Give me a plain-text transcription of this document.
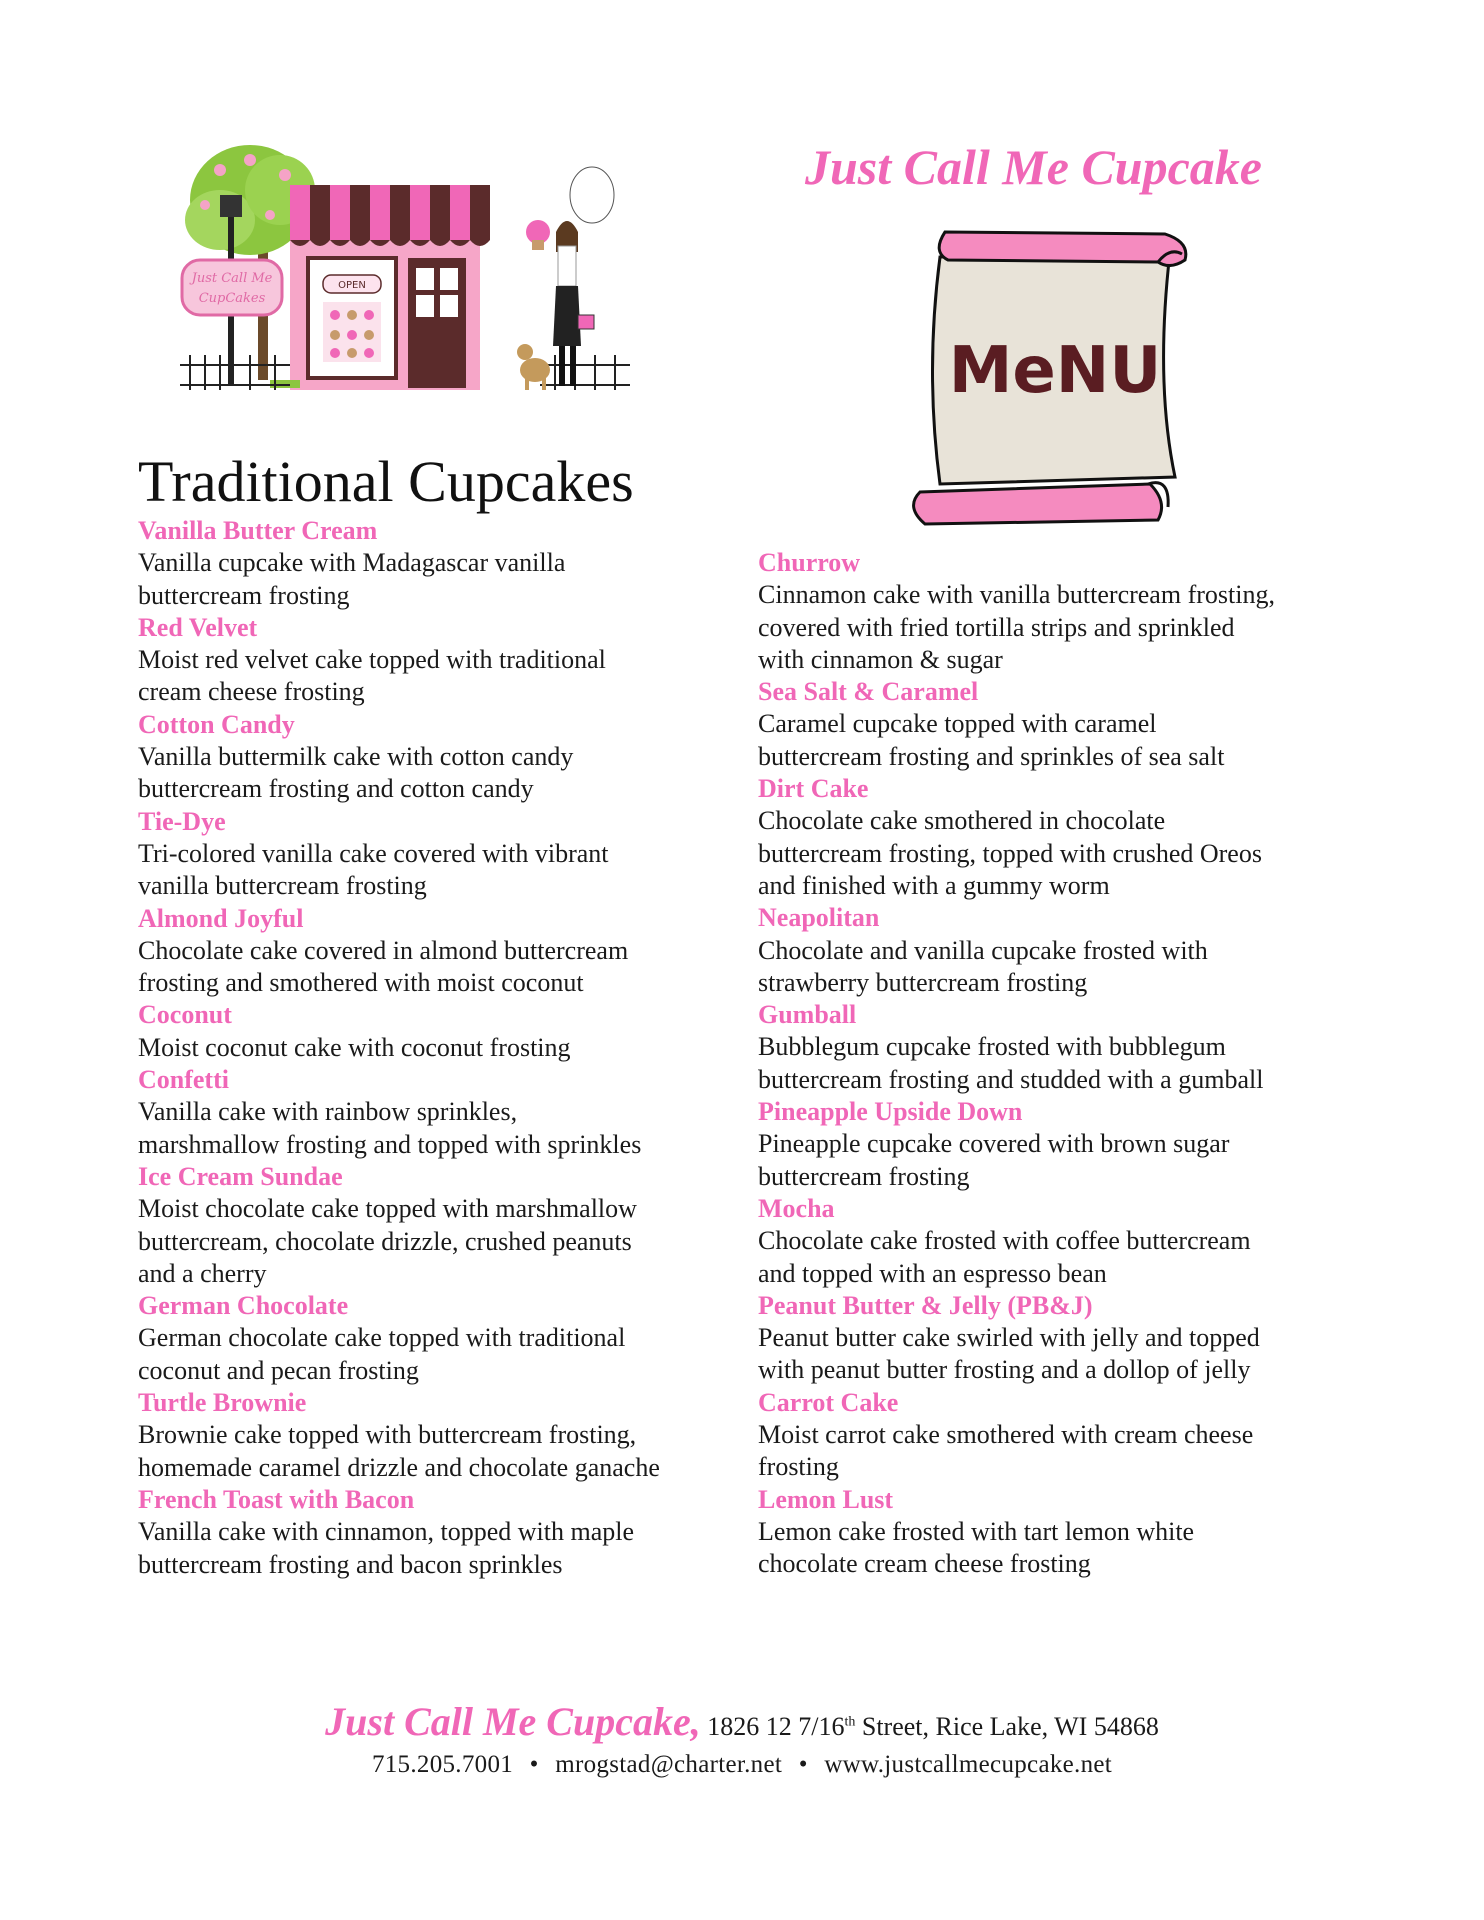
Just Call Me
CupCakes
OPEN
Just Call Me Cupcake
MeNU
Traditional Cupcakes
Vanilla Butter Cream
Vanilla cupcake with Madagascar vanilla
buttercream frosting
Red Velvet
Moist red velvet cake topped with traditional
cream cheese frosting
Cotton Candy
Vanilla buttermilk cake with cotton candy
buttercream frosting and cotton candy
Tie-Dye
Tri-colored vanilla cake covered with vibrant
vanilla buttercream frosting
Almond Joyful
Chocolate cake covered in almond buttercream
frosting and smothered with moist coconut
Coconut
Moist coconut cake with coconut frosting
Confetti
Vanilla cake with rainbow sprinkles,
marshmallow frosting and topped with sprinkles
Ice Cream Sundae
Moist chocolate cake topped with marshmallow
buttercream, chocolate drizzle, crushed peanuts
and a cherry
German Chocolate
German chocolate cake topped with traditional
coconut and pecan frosting
Turtle Brownie
Brownie cake topped with buttercream frosting,
homemade caramel drizzle and chocolate ganache
French Toast with Bacon
Vanilla cake with cinnamon, topped with maple
buttercream frosting and bacon sprinkles
Churrow
Cinnamon cake with vanilla buttercream frosting,
covered with fried tortilla strips and sprinkled
with cinnamon & sugar
Sea Salt & Caramel
Caramel cupcake topped with caramel
buttercream frosting and sprinkles of sea salt
Dirt Cake
Chocolate cake smothered in chocolate
buttercream frosting, topped with crushed Oreos
and finished with a gummy worm
Neapolitan
Chocolate and vanilla cupcake frosted with
strawberry buttercream frosting
Gumball
Bubblegum cupcake frosted with bubblegum
buttercream frosting and studded with a gumball
Pineapple Upside Down
Pineapple cupcake covered with brown sugar
buttercream frosting
Mocha
Chocolate cake frosted with coffee buttercream
and topped with an espresso bean
Peanut Butter & Jelly (PB&J)
Peanut butter cake swirled with jelly and topped
with peanut butter frosting and a dollop of jelly
Carrot Cake
Moist carrot cake smothered with cream cheese
frosting
Lemon Lust
Lemon cake frosted with tart lemon white
chocolate cream cheese frosting
Just Call Me Cupcake, 1826 12 7/16th Street, Rice Lake, WI 54868
715.205.7001 • mrogstad@charter.net • www.justcallmecupcake.net
